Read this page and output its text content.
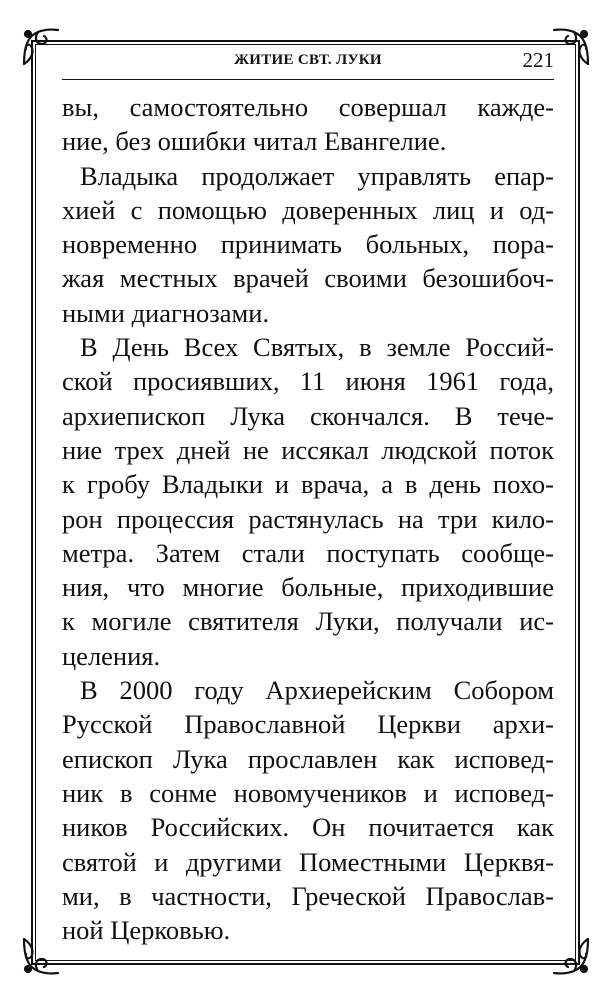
ЖИТИЕ СВТ. ЛУКИ	221
вы, самостоятельно совершал кажде-
ние, без ошибки читал Евангелие.
Владыка продолжает управлять епар-
хией с помощью доверенных лиц и од-
новременно принимать больных, пора-
жая местных врачей своими безошибоч-
ными диагнозами.
В День Всех Святых, в земле Россий-
ской просиявших, 11 июня 1961 года,
архиепископ Лука скончался. В тече-
ние трех дней не иссякал людской поток
к гробу Владыки и врача, а в день похо-
рон процессия растянулась на три кило-
метра. Затем стали поступать сообще-
ния, что многие больные, приходившие
к могиле святителя Луки, получали ис-
целения.
В 2000 году Архиерейским Собором
Русской Православной Церкви архи-
епископ Лука прославлен как исповед-
ник в сонме новомучеников и исповед-
ников Российских. Он почитается как
святой и другими Поместными Церквя-
ми, в частности, Греческой Православ-
ной Церковью.
